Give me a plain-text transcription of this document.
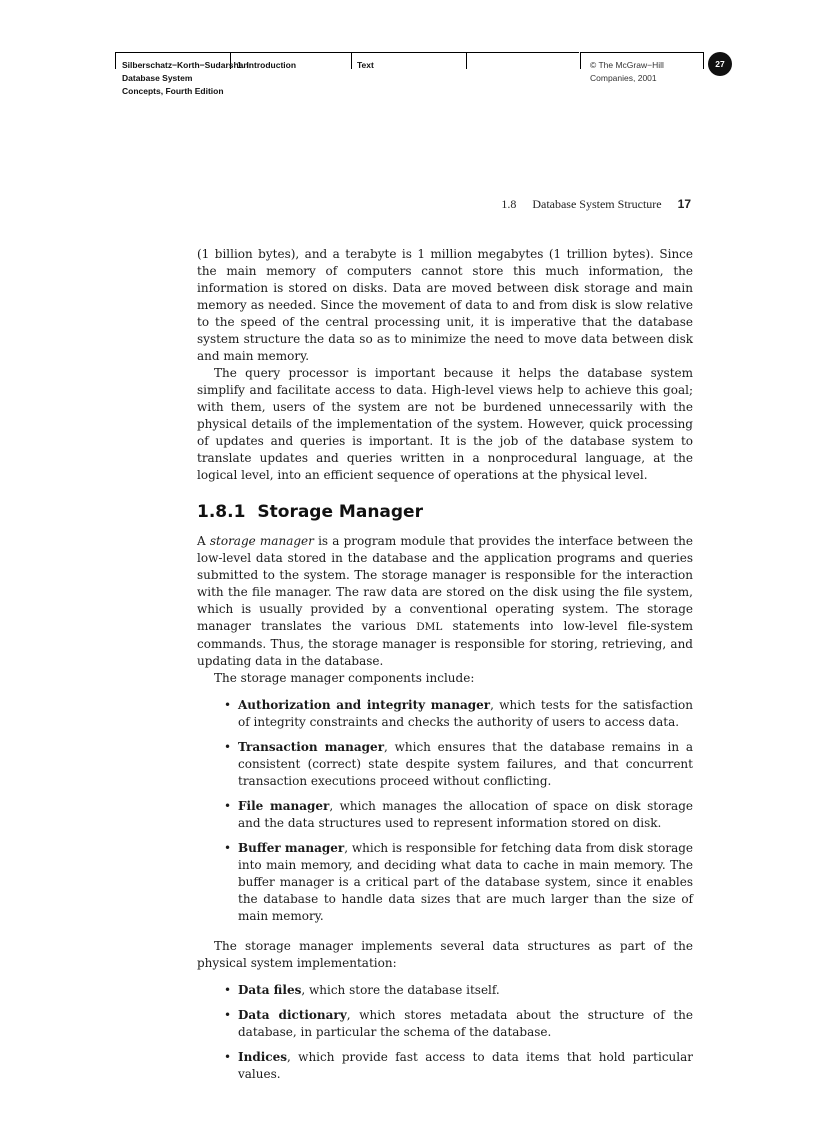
Silberschatz−Korth−Sudarshan:
Database System
Concepts, Fourth Edition
1. Introduction	Text	© The McGraw−Hill
Companies, 2001
27
1.8 Database System Structure 17

(1 billion bytes), and a terabyte is 1 million megabytes (1 trillion bytes). Since the main memory of computers cannot store this much information, the information is stored on disks. Data are moved between disk storage and main memory as needed. Since the movement of data to and from disk is slow relative to the speed of the central processing unit, it is imperative that the database system structure the data so as to minimize the need to move data between disk and main memory.

The query processor is important because it helps the database system simplify and facilitate access to data. High-level views help to achieve this goal; with them, users of the system are not be burdened unnecessarily with the physical details of the implementation of the system. However, quick processing of updates and queries is important. It is the job of the database system to translate updates and queries written in a nonprocedural language, at the logical level, into an efficient sequence of operations at the physical level.

1.8.1 Storage Manager

A storage manager is a program module that provides the interface between the low-level data stored in the database and the application programs and queries submitted to the system. The storage manager is responsible for the interaction with the file manager. The raw data are stored on the disk using the file system, which is usually provided by a conventional operating system. The storage manager translates the various DML statements into low-level file-system commands. Thus, the storage manager is responsible for storing, retrieving, and updating data in the database.

The storage manager components include:

• Authorization and integrity manager, which tests for the satisfaction of integrity constraints and checks the authority of users to access data.
• Transaction manager, which ensures that the database remains in a consistent (correct) state despite system failures, and that concurrent transaction executions proceed without conflicting.
• File manager, which manages the allocation of space on disk storage and the data structures used to represent information stored on disk.
• Buffer manager, which is responsible for fetching data from disk storage into main memory, and deciding what data to cache in main memory. The buffer manager is a critical part of the database system, since it enables the database to handle data sizes that are much larger than the size of main memory.

The storage manager implements several data structures as part of the physical system implementation:

• Data files, which store the database itself.
• Data dictionary, which stores metadata about the structure of the database, in particular the schema of the database.
• Indices, which provide fast access to data items that hold particular values.
